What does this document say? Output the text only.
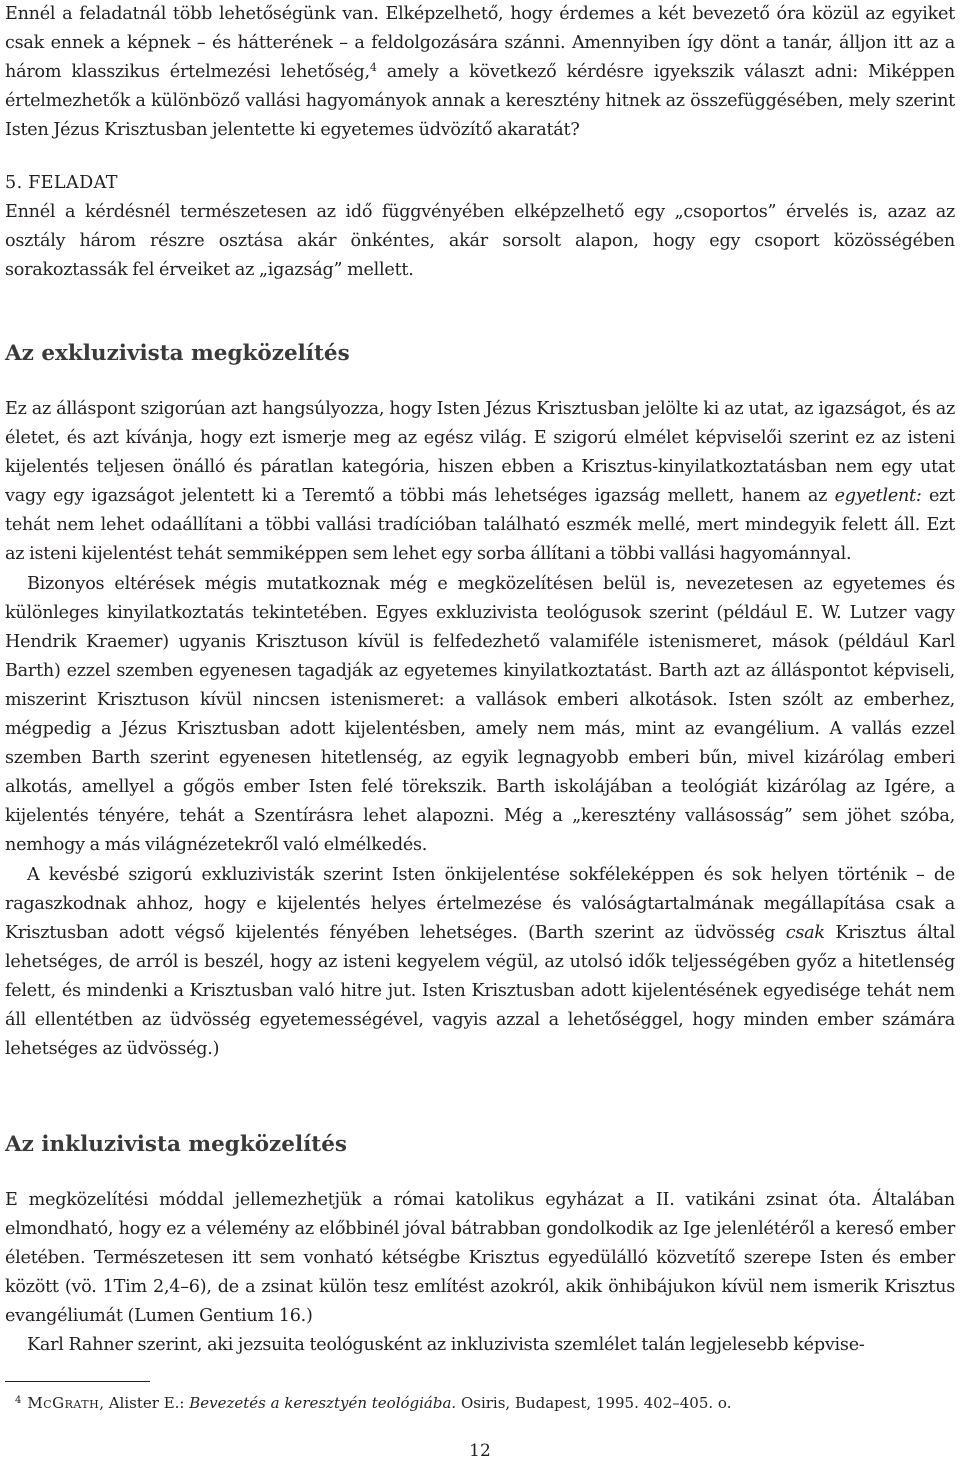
Ennél a feladatnál több lehetőségünk van. Elképzelhető, hogy érdemes a két bevezető óra közül az egyiket csak ennek a képnek – és hátterének – a feldolgozására szánni. Amennyiben így dönt a tanár, álljon itt az a három klasszikus értelmezési lehetőség,$^4$ amely a következő kérdésre igyekszik választ adni: Miképpen értelmezhetők a különböző vallási hagyományok annak a keresztény hitnek az összefüggésében, mely szerint Isten Jézus Krisztusban jelentette ki egyetemes üdvözítő akaratát?

5. FELADAT

Ennél a kérdésnél természetesen az idő függvényében elképzelhető egy „csoportos” érvelés is, azaz az osztály három részre osztása akár önkéntes, akár sorsolt alapon, hogy egy csoport közösségében sorakoztassák fel érveiket az „igazság” mellett.

Az exkluzivista megközelítés

Ez az álláspont szigorúan azt hangsúlyozza, hogy Isten Jézus Krisztusban jelölte ki az utat, az igazságot, és az életet, és azt kívánja, hogy ezt ismerje meg az egész világ. E szigorú elmélet képviselői szerint ez az isteni kijelentés teljesen önálló és páratlan kategória, hiszen ebben a Krisztus-kinyilatkoztatásban nem egy utat vagy egy igazságot jelentett ki a Teremtő a többi más lehetséges igazság mellett, hanem az egyetlent: ezt tehát nem lehet odaállítani a többi vallási tradícióban található eszmék mellé, mert mindegyik felett áll. Ezt az isteni kijelentést tehát semmiképpen sem lehet egy sorba állítani a többi vallási hagyománnyal.

Bizonyos eltérések mégis mutatkoznak még e megközelítésen belül is, nevezetesen az egyetemes és különleges kinyilatkoztatás tekintetében. Egyes exkluzivista teológusok szerint (például E. W. Lutzer vagy Hendrik Kraemer) ugyanis Krisztuson kívül is felfedezhető valamiféle istenismeret, mások (például Karl Barth) ezzel szemben egyenesen tagadják az egyetemes kinyilatkoztatást. Barth azt az álláspontot képviseli, miszerint Krisztuson kívül nincsen istenismeret: a vallások emberi alkotások. Isten szólt az emberhez, mégpedig a Jézus Krisztusban adott kijelentésben, amely nem más, mint az evangélium. A vallás ezzel szemben Barth szerint egyenesen hitetlenség, az egyik legnagyobb emberi bűn, mivel kizárólag emberi alkotás, amellyel a gőgös ember Isten felé törekszik. Barth iskolájában a teológiát kizárólag az Igére, a kijelentés tényére, tehát a Szentírásra lehet alapozni. Még a „keresztény vallásosság” sem jöhet szóba, nemhogy a más világnézetekről való elmélkedés.

A kevésbé szigorú exkluzivisták szerint Isten önkijelentése sokféleképpen és sok helyen történik – de ragaszkodnak ahhoz, hogy e kijelentés helyes értelmezése és valóságtartalmának megállapítása csak a Krisztusban adott végső kijelentés fényében lehetséges. (Barth szerint az üdvösség csak Krisztus által lehetséges, de arról is beszél, hogy az isteni kegyelem végül, az utolsó idők teljességében győz a hitetlenség felett, és mindenki a Krisztusban való hitre jut. Isten Krisztusban adott kijelentésének egyedisége tehát nem áll ellentétben az üdvösség egyetemességével, vagyis azzal a lehetőséggel, hogy minden ember számára lehetséges az üdvösség.)

Az inkluzivista megközelítés

E megközelítési móddal jellemezhetjük a római katolikus egyházat a II. vatikáni zsinat óta. Általában elmondható, hogy ez a vélemény az előbbinél jóval bátrabban gondolkodik az Ige jelenlétéről a kereső ember életében. Természetesen itt sem vonható kétségbe Krisztus egyedülálló közvetítő szerepe Isten és ember között (vö. 1Tim 2,4–6), de a zsinat külön tesz említést azokról, akik önhibájukon kívül nem ismerik Krisztus evangéliumát (Lumen Gentium 16.)

Karl Rahner szerint, aki jezsuita teológusként az inkluzivista szemlélet talán legjelesebb képvise-

$^4$ McGrath, Alister E.: Bevezetés a keresztyén teológiába. Osiris, Budapest, 1995. 402–405. o.
12
